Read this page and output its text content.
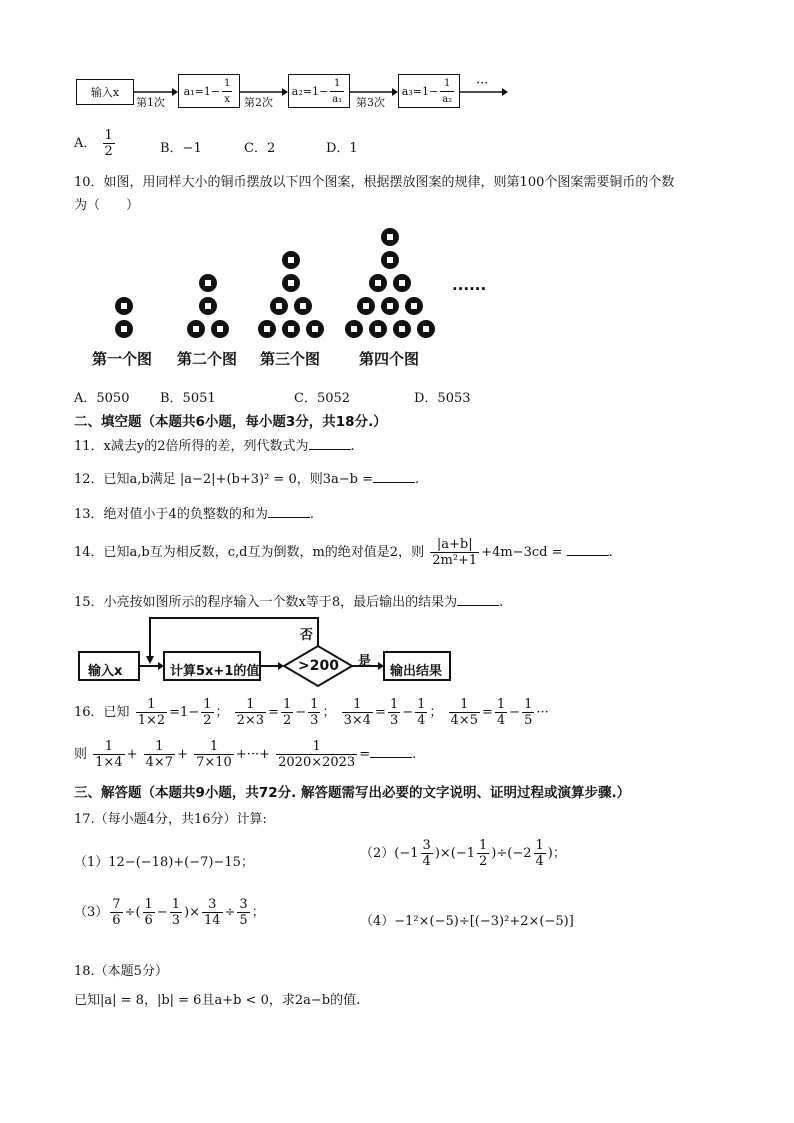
输入x
第1次
$a_1=1- \frac{1}{x}$ 第2次
$a_2=1- \frac{1}{\text{a₁}}$ 第3次
$a_3=1- \frac{1}{\text{a₂}}$ ···
A． $\frac{1}{2}$	B．−1	C．2	D．1
10．如图，用同样大小的铜币摆放以下四个图案，根据摆放图案的规律，则第100个图案需要铜币的个数
为（　　）
......
第一个图 第二个图 第三个图	第四个图
A．5050 B．5051	C．5052	D．5053
二、填空题（本题共6小题，每小题3分，共18分.）
11．x减去y的2倍所得的差，列代数式为	.
12．已知a,b满足 |a−2|+(b+3)² = 0，则3a−b =	.
13．绝对值小于4的负整数的和为	.
14．已知a,b互为相反数，c,d互为倒数，m的绝对值是2，则 $\frac{|a+b|}{\text{2m²+1}} +4m-3cd$ =	.
15．小亮按如图所示的程序输入一个数x等于8，最后输出的结果为	.
输入x	计算5x+1的值	>200 是
否
输出结果
16．已知 $\frac{1}{1\times 2} =1- \frac{1}{2}$ ； $\frac{1}{2\times 3} = \frac{1}{2} - \frac{1}{3}$ ； $\frac{1}{3\times 4} = \frac{1}{3} - \frac{1}{4}$ ； $\frac{1}{4\times 5} = \frac{1}{4} - \frac{1}{5}$ ···
则 $\frac{1}{1\times 4} + \frac{1}{4\times 7} + \frac{1}{7\times 10}$ +···+ $\frac{1}{2020\times 2023}$ =	.
三、解答题（本题共9小题，共72分. 解答题需写出必要的文字说明、证明过程或演算步骤.）
17.（每小题4分，共16分）计算:
（1）12−(−18)+(−7)−15；
$(2)(-1 \frac{3}{4} )\times(-1 \frac{1}{2} )\div(-2 \frac{1}{4}$ )；
$(3) \frac{7}{6}$ ÷( $\frac{1}{6} - \frac{1}{3}$ )× $\frac{3}{14} \div \frac{3}{5}$ ；
（4）−1²×(−5)÷[(−3)²+2×(−5)]
18.（本题5分）
已知|a| = 8，|b| = 6且a+b < 0，求2a−b的值.
